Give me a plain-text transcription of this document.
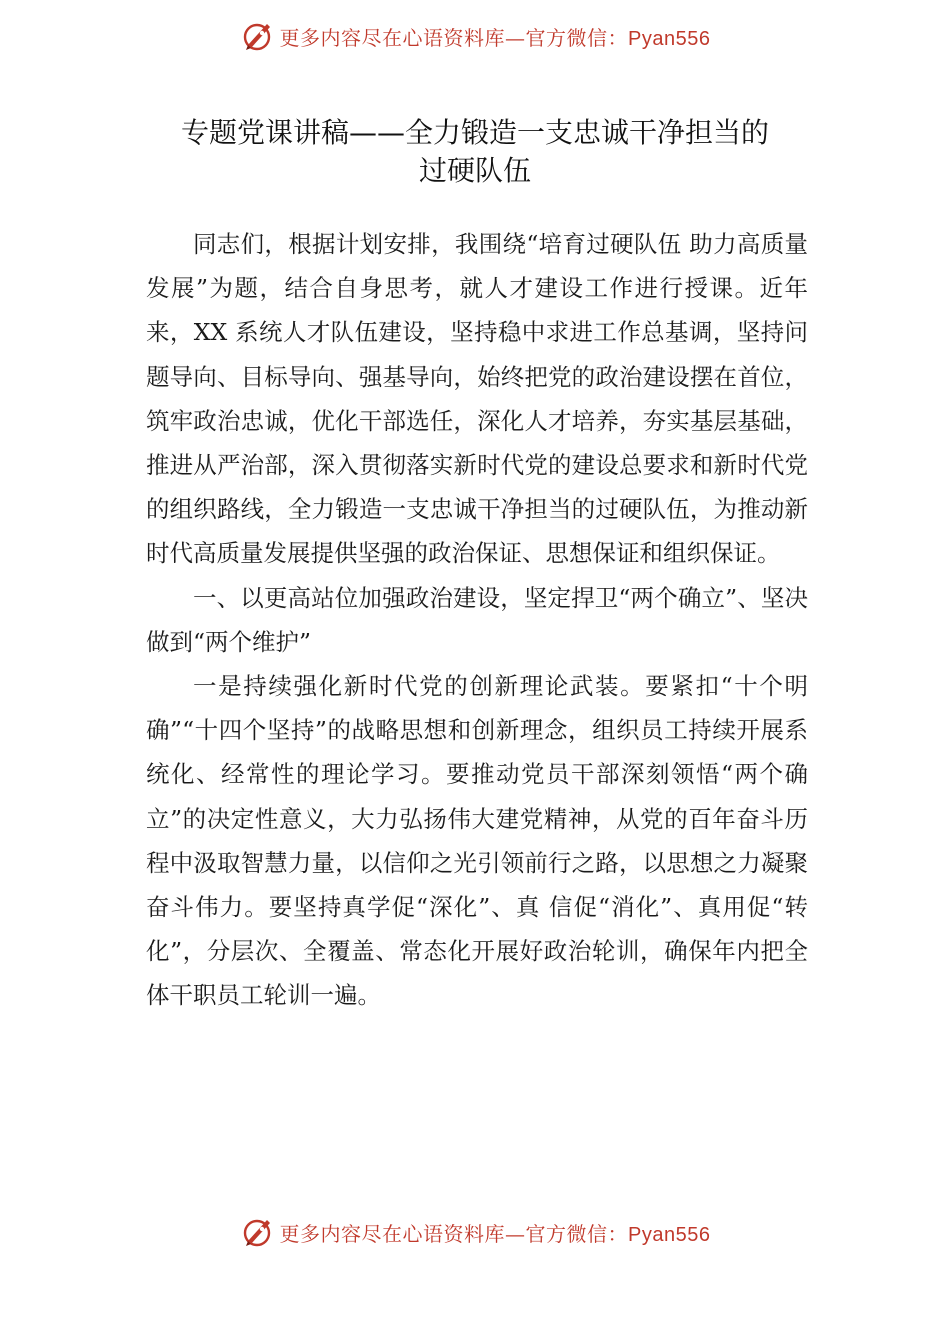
更多内容尽在心语资料库—官方微信：Pyan556
专题党课讲稿——全力锻造一支忠诚干净担当的
过硬队伍

同志们，根据计划安排，我围绕“培育过硬队伍 助力高质量发展”为题，结合自身思考，就人才建设工作进行授课。近年来，XX 系统人才队伍建设，坚持稳中求进工作总基调，坚持问题导向、目标导向、强基导向，始终把党的政治建设摆在首位，筑牢政治忠诚，优化干部选任，深化人才培养，夯实基层基础，推进从严治部，深入贯彻落实新时代党的建设总要求和新时代党的组织路线，全力锻造一支忠诚干净担当的过硬队伍，为推动新时代高质量发展提供坚强的政治保证、思想保证和组织保证。

一、以更高站位加强政治建设，坚定捍卫“两个确立”、坚决做到“两个维护”

一是持续强化新时代党的创新理论武装。要紧扣“十个明确”“十四个坚持”的战略思想和创新理念，组织员工持续开展系统化、经常性的理论学习。要推动党员干部深刻领悟“两个确立”的决定性意义，大力弘扬伟大建党精神，从党的百年奋斗历程中汲取智慧力量，以信仰之光引领前行之路，以思想之力凝聚奋斗伟力。要坚持真学促“深化”、真 信促“消化”、真用促“转化”，分层次、全覆盖、常态化开展好政治轮训，确保年内把全体干职员工轮训一遍。

更多内容尽在心语资料库—官方微信：Pyan556
